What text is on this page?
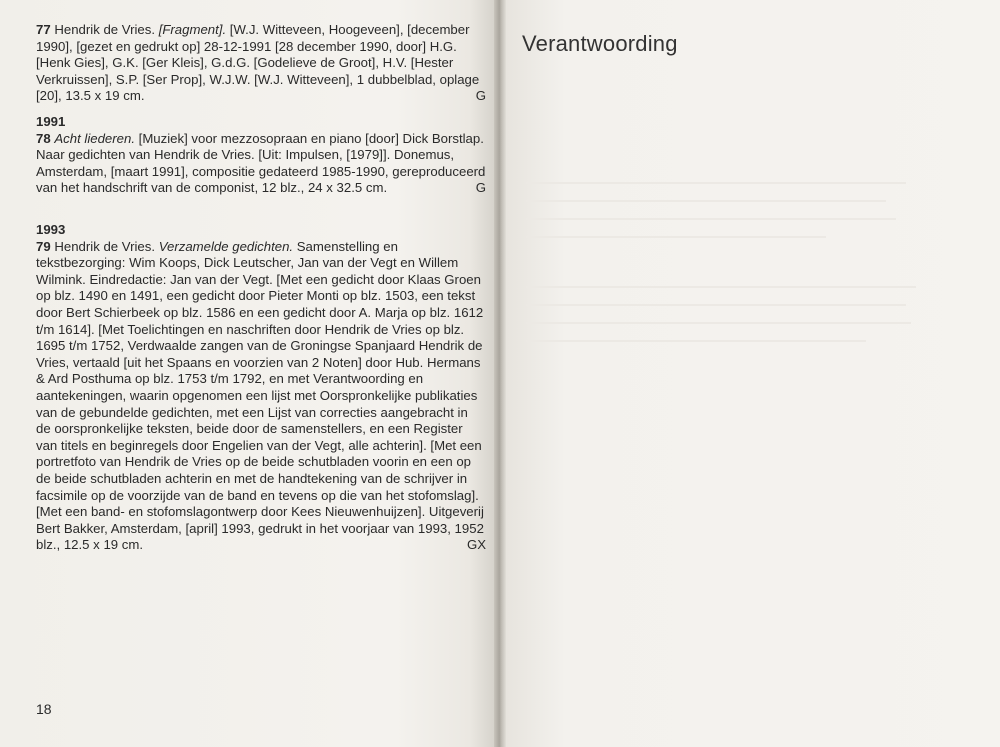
77 Hendrik de Vries. [Fragment]. [W.J. Witteveen, Hoogeveen], [december 1990], [gezet en gedrukt op] 28-12-1991 [28 december 1990, door] H.G. [Henk Gies], G.K. [Ger Kleis], G.d.G. [Godelieve de Groot], H.V. [Hester Verkruissen], S.P. [Ser Prop], W.J.W. [W.J. Witteveen], 1 dubbelblad, oplage [20], 13.5 x 19 cm.	G
1991
78 Acht liederen. [Muziek] voor mezzosopraan en piano [door] Dick Borstlap. Naar gedichten van Hendrik de Vries. [Uit: Impulsen, [1979]]. Donemus, Amsterdam, [maart 1991], compositie gedateerd 1985-1990, gereproduceerd van het handschrift van de componist, 12 blz., 24 x 32.5 cm.	G
1993
79 Hendrik de Vries. Verzamelde gedichten. Samenstelling en tekstbezorging: Wim Koops, Dick Leutscher, Jan van der Vegt en Willem Wilmink. Eindredactie: Jan van der Vegt. [Met een gedicht door Klaas Groen op blz. 1490 en 1491, een gedicht door Pieter Monti op blz. 1503, een tekst door Bert Schierbeek op blz. 1586 en een gedicht door A. Marja op blz. 1612 t/m 1614]. [Met Toelichtingen en naschriften door Hendrik de Vries op blz. 1695 t/m 1752, Verdwaalde zangen van de Groningse Spanjaard Hendrik de Vries, vertaald [uit het Spaans en voorzien van 2 Noten] door Hub. Hermans & Ard Posthuma op blz. 1753 t/m 1792, en met Verantwoording en aantekeningen, waarin opgenomen een lijst met Oorspronkelijke publikaties van de gebundelde gedichten, met een Lijst van correcties aangebracht in de oorspronkelijke teksten, beide door de samenstellers, en een Register van titels en beginregels door Engelien van der Vegt, alle achterin]. [Met een portretfoto van Hendrik de Vries op de beide schutbladen voorin en een op de beide schutbladen achterin en met de handtekening van de schrijver in facsimile op de voorzijde van de band en tevens op die van het stofomslag]. [Met een band- en stofomslagontwerp door Kees Nieuwenhuijzen]. Uitgeverij Bert Bakker, Amsterdam, [april] 1993, gedrukt in het voorjaar van 1993, 1952 blz., 12.5 x 19 cm.	GX
18
Verantwoording
